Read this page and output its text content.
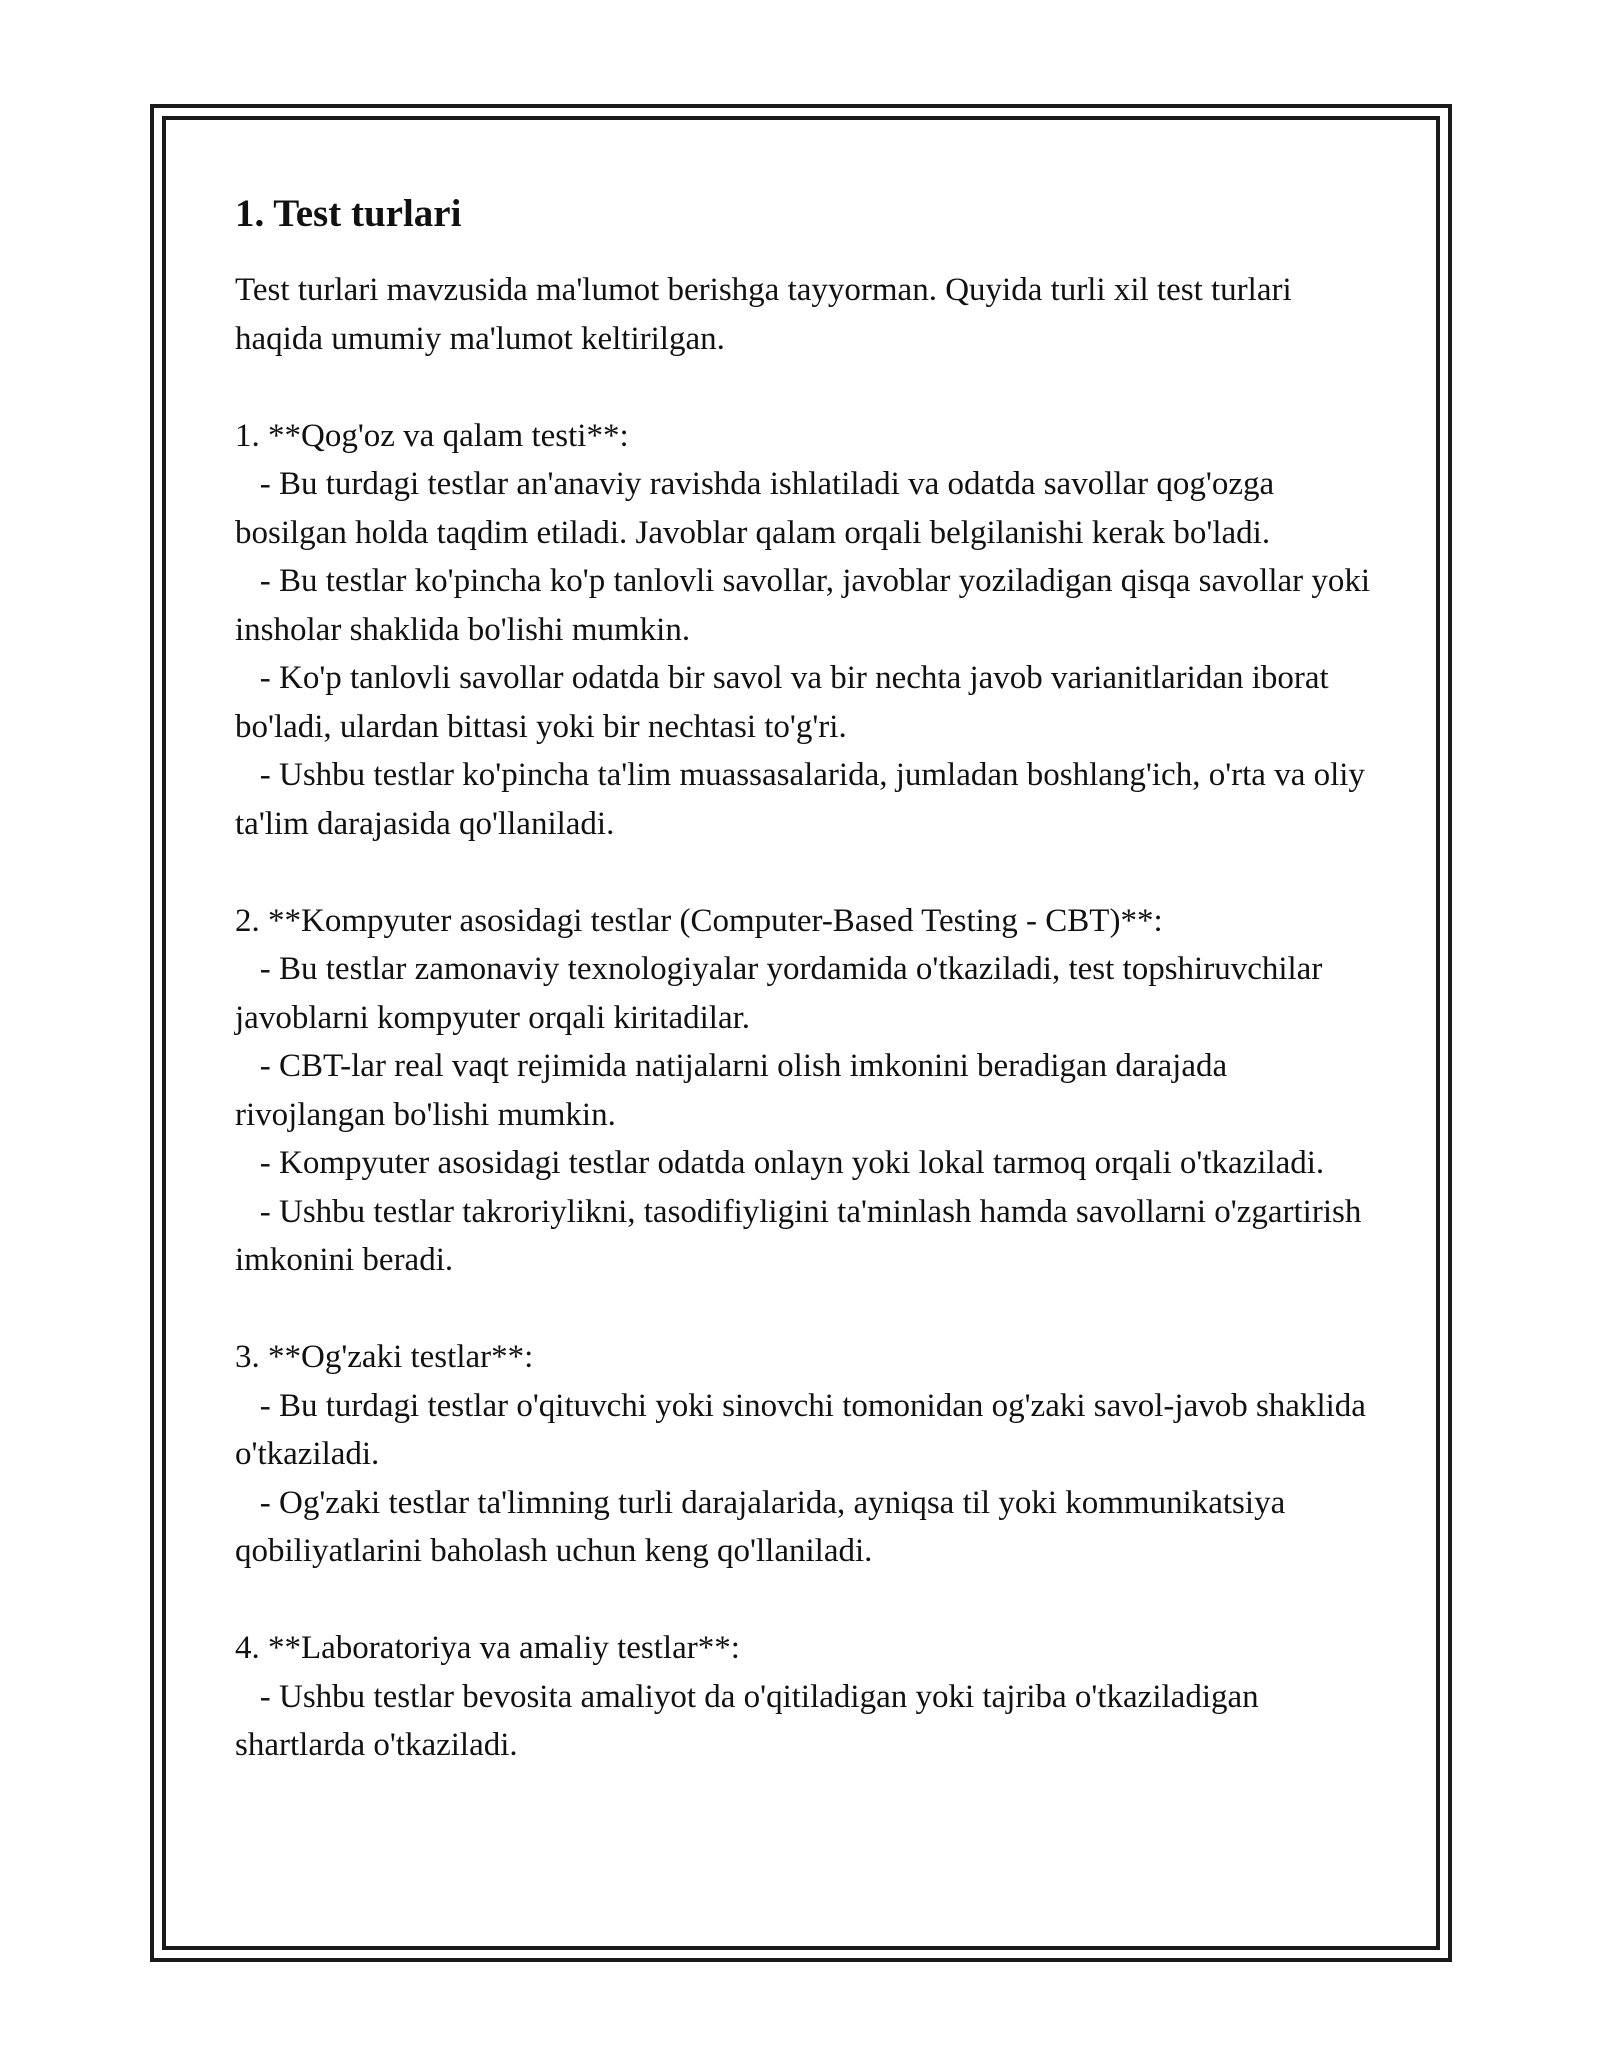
1. Test turlari

Test turlari mavzusida ma'lumot berishga tayyorman. Quyida turli xil test turlari haqida umumiy ma'lumot keltirilgan.

1. **Qog'oz va qalam testi**:

- Bu turdagi testlar an'anaviy ravishda ishlatiladi va odatda savollar qog'ozga bosilgan holda taqdim etiladi. Javoblar qalam orqali belgilanishi kerak bo'ladi.

- Bu testlar ko'pincha ko'p tanlovli savollar, javoblar yoziladigan qisqa savollar yoki insholar shaklida bo'lishi mumkin.

- Ko'p tanlovli savollar odatda bir savol va bir nechta javob varianitlaridan iborat bo'ladi, ulardan bittasi yoki bir nechtasi to'g'ri.

- Ushbu testlar ko'pincha ta'lim muassasalarida, jumladan boshlang'ich, o'rta va oliy ta'lim darajasida qo'llaniladi.

2. **Kompyuter asosidagi testlar (Computer-Based Testing - CBT)**:

- Bu testlar zamonaviy texnologiyalar yordamida o'tkaziladi, test topshiruvchilar javoblarni kompyuter orqali kiritadilar.

- CBT-lar real vaqt rejimida natijalarni olish imkonini beradigan darajada rivojlangan bo'lishi mumkin.

- Kompyuter asosidagi testlar odatda onlayn yoki lokal tarmoq orqali o'tkaziladi.

- Ushbu testlar takroriylikni, tasodifiyligini ta'minlash hamda savollarni o'zgartirish imkonini beradi.

3. **Og'zaki testlar**:

- Bu turdagi testlar o'qituvchi yoki sinovchi tomonidan og'zaki savol-javob shaklida o'tkaziladi.

- Og'zaki testlar ta'limning turli darajalarida, ayniqsa til yoki kommunikatsiya qobiliyatlarini baholash uchun keng qo'llaniladi.

4. **Laboratoriya va amaliy testlar**:

- Ushbu testlar bevosita amaliyot da o'qitiladigan yoki tajriba o'tkaziladigan shartlarda o'tkaziladi.
